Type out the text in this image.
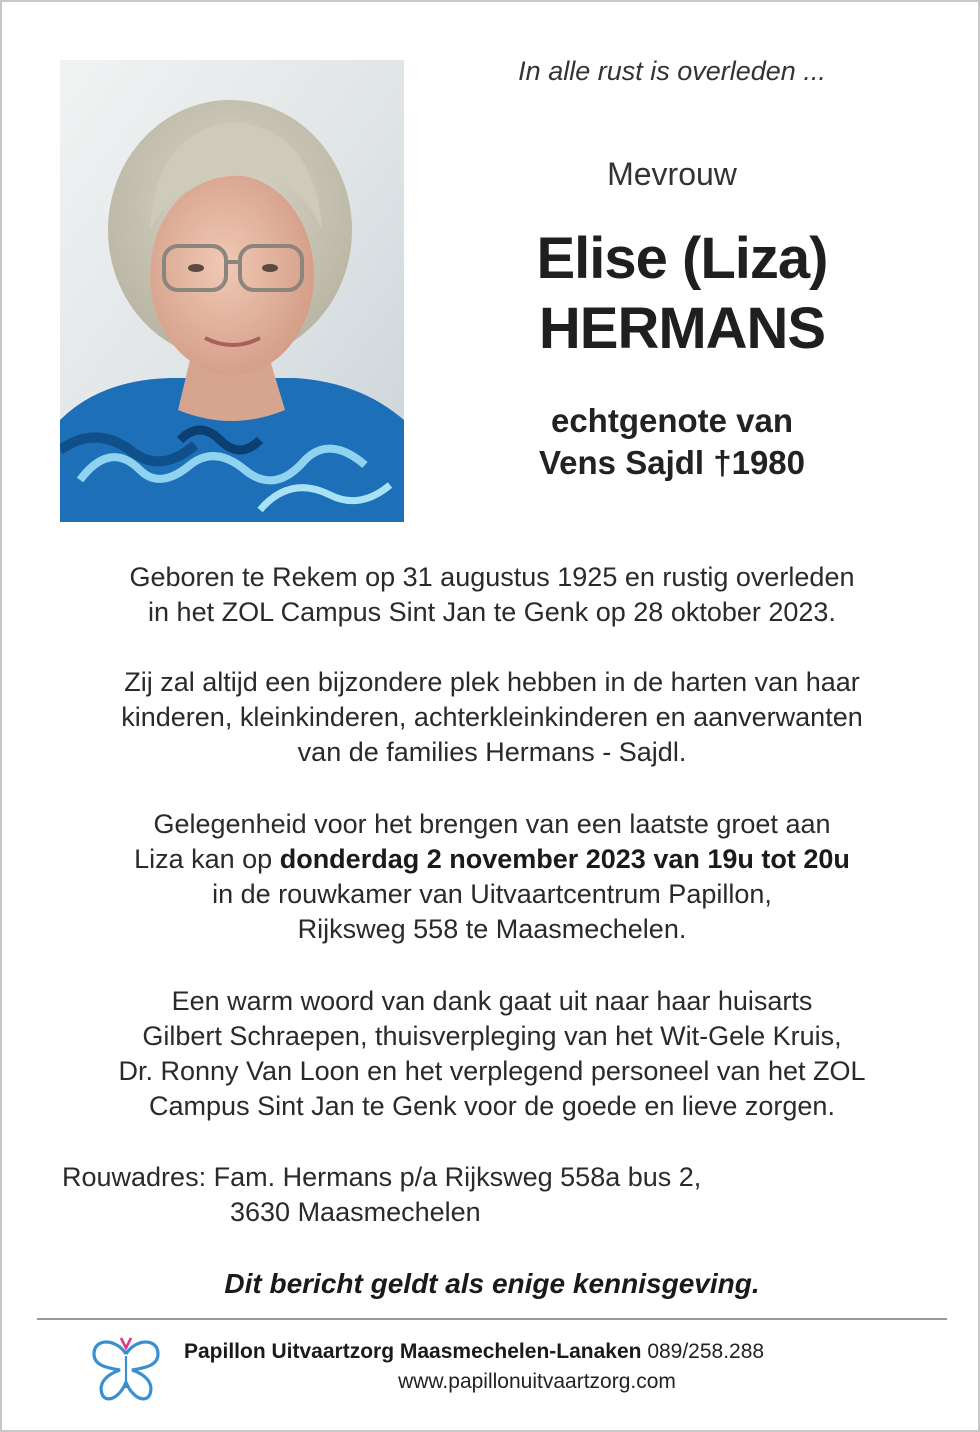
In alle rust is overleden ...
Mevrouw
Elise (Liza)
HERMANS
echtgenote van
Vens Sajdl †1980
Geboren te Rekem op 31 augustus 1925 en rustig overleden
in het ZOL Campus Sint Jan te Genk op 28 oktober 2023.
Zij zal altijd een bijzondere plek hebben in de harten van haar
kinderen, kleinkinderen, achterkleinkinderen en aanverwanten
van de families Hermans - Sajdl.
Gelegenheid voor het brengen van een laatste groet aan
Liza kan op donderdag 2 november 2023 van 19u tot 20u
in de rouwkamer van Uitvaartcentrum Papillon,
Rijksweg 558 te Maasmechelen.
Een warm woord van dank gaat uit naar haar huisarts
Gilbert Schraepen, thuisverpleging van het Wit-Gele Kruis,
Dr. Ronny Van Loon en het verplegend personeel van het ZOL
Campus Sint Jan te Genk voor de goede en lieve zorgen.
Rouwadres: Fam. Hermans p/a Rijksweg 558a bus 2,
3630 Maasmechelen
Dit bericht geldt als enige kennisgeving.
Papillon Uitvaartzorg Maasmechelen-Lanaken 089/258.288
www.papillonuitvaartzorg.com
